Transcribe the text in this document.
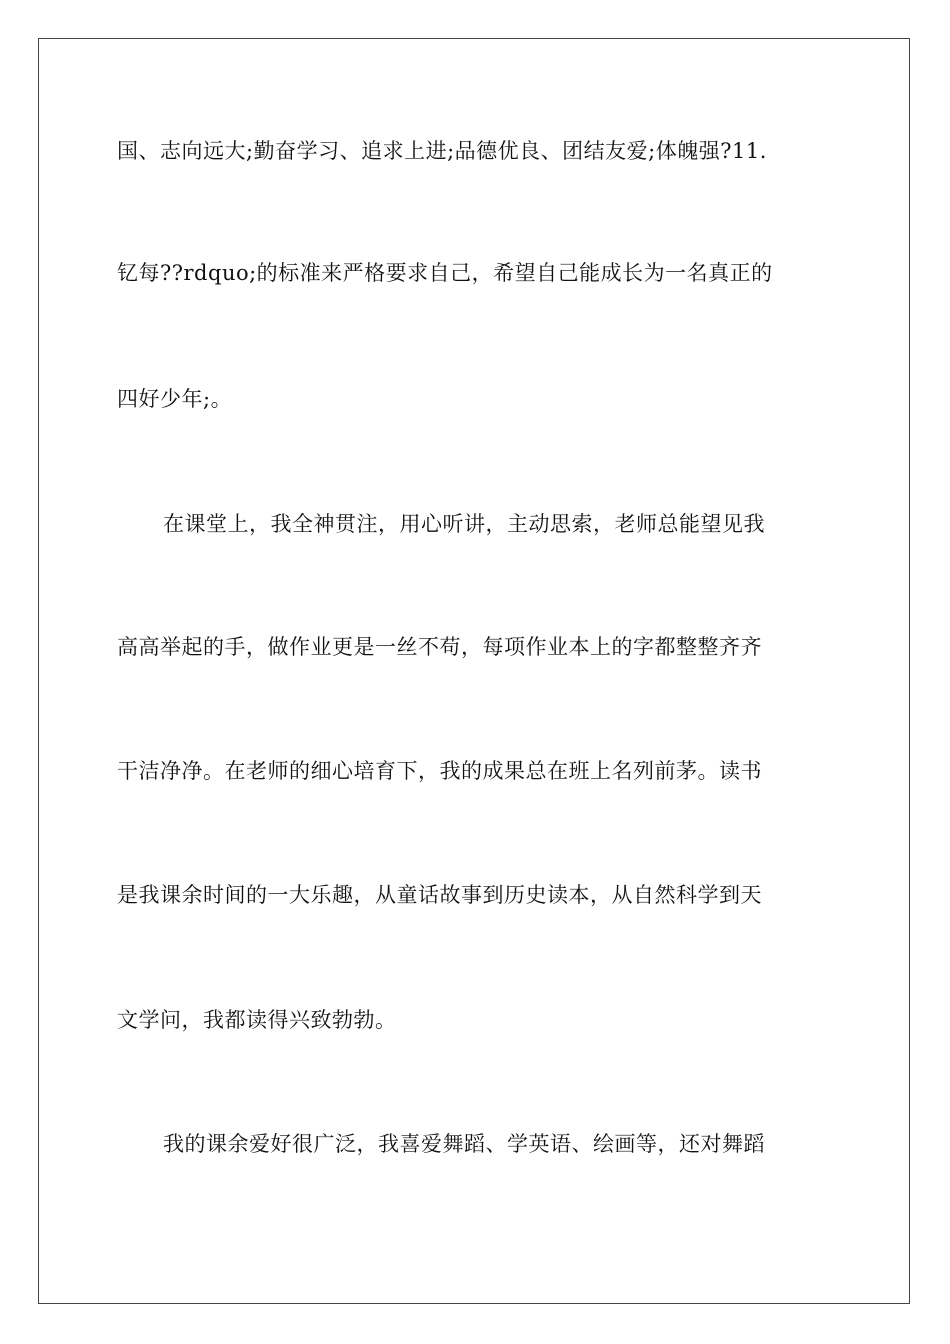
国、志向远大;勤奋学习、追求上进;品德优良、团结友爱;体魄强?11.
钇每??rdquo;的标准来严格要求自己，希望自己能成长为一名真正的
四好少年;。
在课堂上，我全神贯注，用心听讲，主动思索，老师总能望见我
高高举起的手，做作业更是一丝不苟，每项作业本上的字都整整齐齐
干洁净净。在老师的细心培育下，我的成果总在班上名列前茅。读书
是我课余时间的一大乐趣，从童话故事到历史读本，从自然科学到天
文学问，我都读得兴致勃勃。
我的课余爱好很广泛，我喜爱舞蹈、学英语、绘画等，还对舞蹈
